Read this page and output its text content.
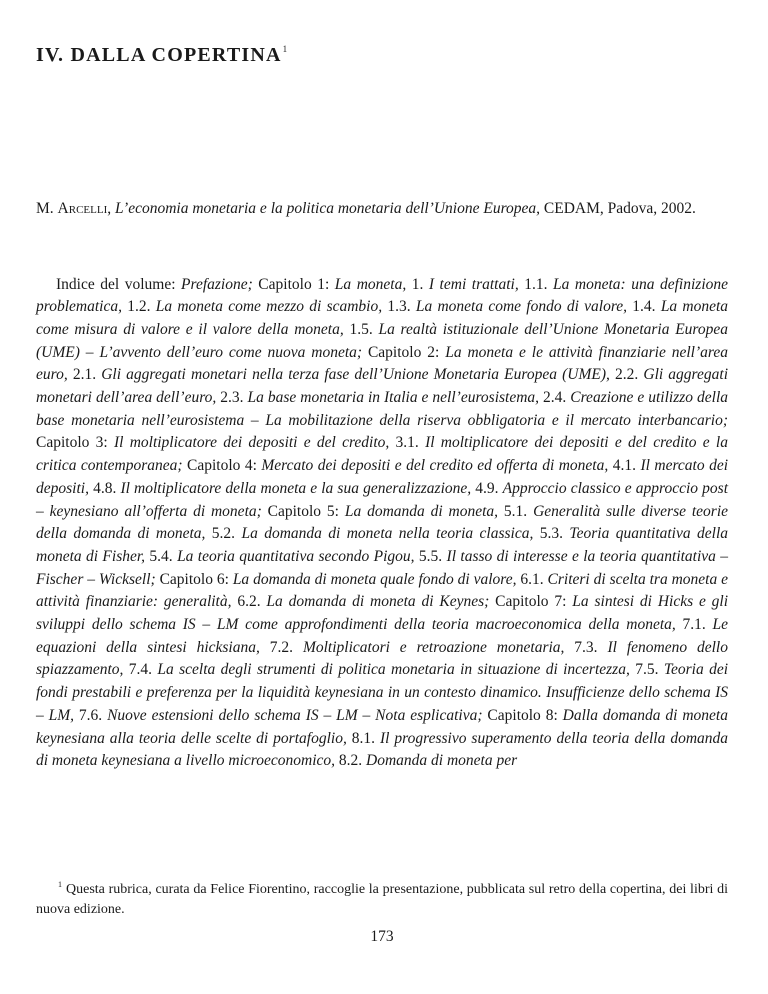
IV. DALLA COPERTINA$^1$
M. Arcelli, L’economia monetaria e la politica monetaria dell’Unione Europea, CEDAM, Padova, 2002.

Indice del volume: Prefazione; Capitolo 1: La moneta, 1. I temi trattati, 1.1. La moneta: una definizione problematica, 1.2. La moneta come mezzo di scambio, 1.3. La moneta come fondo di valore, 1.4. La moneta come misura di valore e il valore della moneta, 1.5. La realtà istituzionale dell’Unione Monetaria Europea (UME) – L’avvento dell’euro come nuova moneta; Capitolo 2: La moneta e le attività finanziarie nell’area euro, 2.1. Gli aggregati monetari nella terza fase dell’Unione Monetaria Europea (UME), 2.2. Gli aggregati monetari dell’area dell’euro, 2.3. La base monetaria in Italia e nell’eurosistema, 2.4. Creazione e utilizzo della base monetaria nell’eurosistema – La mobilitazione della riserva obbligatoria e il mercato interbancario; Capitolo 3: Il moltiplicatore dei depositi e del credito, 3.1. Il moltiplicatore dei depositi e del credito e la critica contemporanea; Capitolo 4: Mercato dei depositi e del credito ed offerta di moneta, 4.1. Il mercato dei depositi, 4.8. Il moltiplicatore della moneta e la sua generalizzazione, 4.9. Approccio classico e approccio post – keynesiano all’offerta di moneta; Capitolo 5: La domanda di moneta, 5.1. Generalità sulle diverse teorie della domanda di moneta, 5.2. La domanda di moneta nella teoria classica, 5.3. Teoria quantitativa della moneta di Fisher, 5.4. La teoria quantitativa secondo Pigou, 5.5. Il tasso di interesse e la teoria quantitativa – Fischer – Wicksell; Capitolo 6: La domanda di moneta quale fondo di valore, 6.1. Criteri di scelta tra moneta e attività finanziarie: generalità, 6.2. La domanda di moneta di Keynes; Capitolo 7: La sintesi di Hicks e gli sviluppi dello schema IS – LM come approfondimenti della teoria macroeconomica della moneta, 7.1. Le equazioni della sintesi hicksiana, 7.2. Moltiplicatori e retroazione monetaria, 7.3. Il fenomeno dello spiazzamento, 7.4. La scelta degli strumenti di politica monetaria in situazione di incertezza, 7.5. Teoria dei fondi prestabili e preferenza per la liquidità keynesiana in un contesto dinamico. Insufficienze dello schema IS – LM, 7.6. Nuove estensioni dello schema IS – LM – Nota esplicativa; Capitolo 8: Dalla domanda di moneta keynesiana alla teoria delle scelte di portafoglio, 8.1. Il progressivo superamento della teoria della domanda di moneta keynesiana a livello microeconomico, 8.2. Domanda di moneta per

$^1$ Questa rubrica, curata da Felice Fiorentino, raccoglie la presentazione, pubblicata sul retro della copertina, dei libri di nuova edizione.
173
